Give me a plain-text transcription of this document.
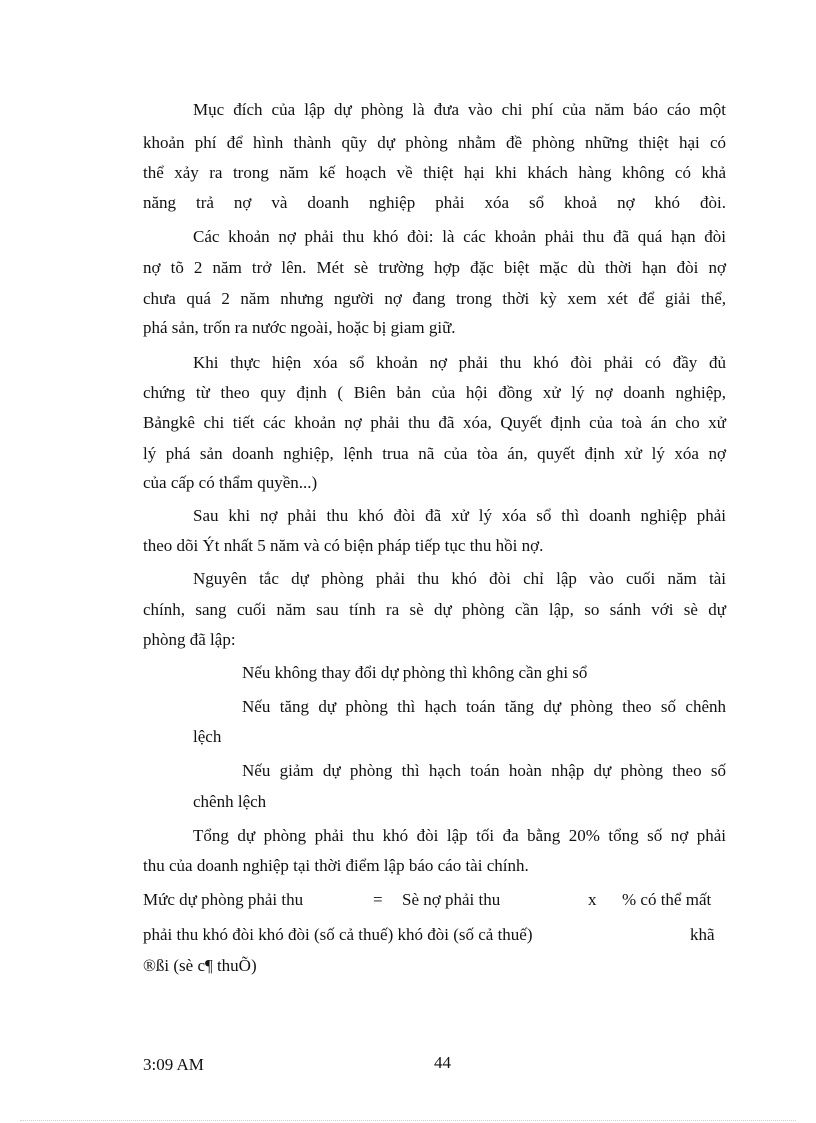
Mục đích của lập dự phòng là đưa vào chi phí của năm báo cáo một
khoản phí để hình thành qũy dự phòng nhằm đề phòng những thiệt hại có
thể xảy ra trong năm kế hoạch về thiệt hại khi khách hàng không có khả
năng trả nợ và doanh nghiệp phải xóa sổ khoả nợ khó đòi.
Các khoản nợ phải thu khó đòi: là các khoản phải thu đã quá hạn đòi
nợ tõ 2 năm trở lên. Mét sè trường hợp đặc biệt mặc dù thời hạn đòi nợ
chưa quá 2 năm nhưng người nợ đang trong thời kỳ xem xét để giải thể,
phá sản, trốn ra nước ngoài, hoặc bị giam giữ.
Khi thực hiện xóa sổ khoản nợ phải thu khó đòi phải có đầy đủ
chứng từ theo quy định ( Biên bản của hội đồng xử lý nợ doanh nghiệp,
Bảngkê chi tiết các khoản nợ phải thu đã xóa, Quyết định của toà án cho xử
lý phá sản doanh nghiệp, lệnh trua nã của tòa án, quyết định xử lý xóa nợ
của cấp có thẩm quyền...)
Sau khi nợ phải thu khó đòi đã xử lý xóa sổ thì doanh nghiệp phải
theo dõi Ýt nhất 5 năm và có biện pháp tiếp tục thu hồi nợ.
Nguyên tắc dự phòng phải thu khó đòi chỉ lập vào cuối năm tài
chính, sang cuối năm sau tính ra sè dự phòng cần lập, so sánh với sè dự
phòng đã lập:
Nếu không thay đổi dự phòng thì không cần ghi sổ
Nếu tăng dự phòng thì hạch toán tăng dự phòng theo số chênh
lệch
Nếu giảm dự phòng thì hạch toán hoàn nhập dự phòng theo số
chênh lệch
Tổng dự phòng phải thu khó đòi lập tối đa bằng 20% tổng số nợ phải
thu của doanh nghiệp tại thời điểm lập báo cáo tài chính.
Mức dự phòng phải thu	= Sè nợ phải thu	x % có thể mất
phải thu khó đòi khó đòi (số cả thuế) khó đòi (số cả thuế)	khã
®ßi (sè c¶ thuÕ)
3:09 AM	44
